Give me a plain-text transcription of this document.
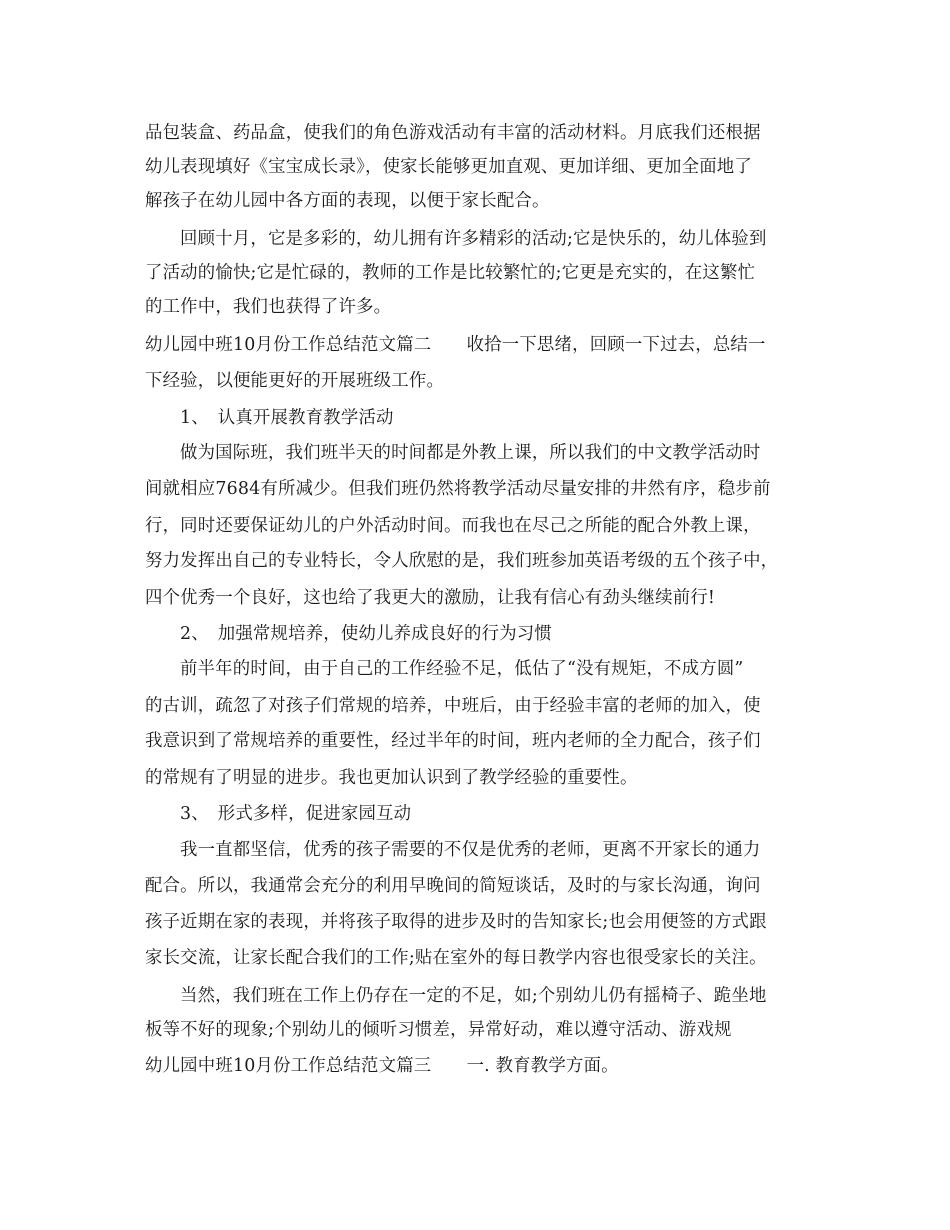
品包装盒、药品盒，使我们的角色游戏活动有丰富的活动材料。月底我们还根据
幼儿表现填好《宝宝成长录》，使家长能够更加直观、更加详细、更加全面地了
解孩子在幼儿园中各方面的表现，以便于家长配合。
回顾十月，它是多彩的，幼儿拥有许多精彩的活动;它是快乐的，幼儿体验到
了活动的愉快;它是忙碌的，教师的工作是比较繁忙的;它更是充实的，在这繁忙
的工作中，我们也获得了许多。
幼儿园中班10月份工作总结范文篇二　　收拾一下思绪，回顾一下过去，总结一
下经验，以便能更好的开展班级工作。
1、　认真开展教育教学活动
做为国际班，我们班半天的时间都是外教上课，所以我们的中文教学活动时
间就相应7684有所减少。但我们班仍然将教学活动尽量安排的井然有序，稳步前
行，同时还要保证幼儿的户外活动时间。而我也在尽己之所能的配合外教上课，
努力发挥出自己的专业特长，令人欣慰的是，我们班参加英语考级的五个孩子中，
四个优秀一个良好，这也给了我更大的激励，让我有信心有劲头继续前行!
2、　加强常规培养，使幼儿养成良好的行为习惯
前半年的时间，由于自己的工作经验不足，低估了“没有规矩，不成方圆”
的古训，疏忽了对孩子们常规的培养，中班后，由于经验丰富的老师的加入，使
我意识到了常规培养的重要性，经过半年的时间，班内老师的全力配合，孩子们
的常规有了明显的进步。我也更加认识到了教学经验的重要性。
3、　形式多样，促进家园互动
我一直都坚信，优秀的孩子需要的不仅是优秀的老师，更离不开家长的通力
配合。所以，我通常会充分的利用早晚间的简短谈话，及时的与家长沟通，询问
孩子近期在家的表现，并将孩子取得的进步及时的告知家长;也会用便签的方式跟
家长交流，让家长配合我们的工作;贴在室外的每日教学内容也很受家长的关注。
当然，我们班在工作上仍存在一定的不足，如;个别幼儿仍有摇椅子、跪坐地
板等不好的现象;个别幼儿的倾听习惯差，异常好动，难以遵守活动、游戏规
幼儿园中班10月份工作总结范文篇三　　一. 教育教学方面。
